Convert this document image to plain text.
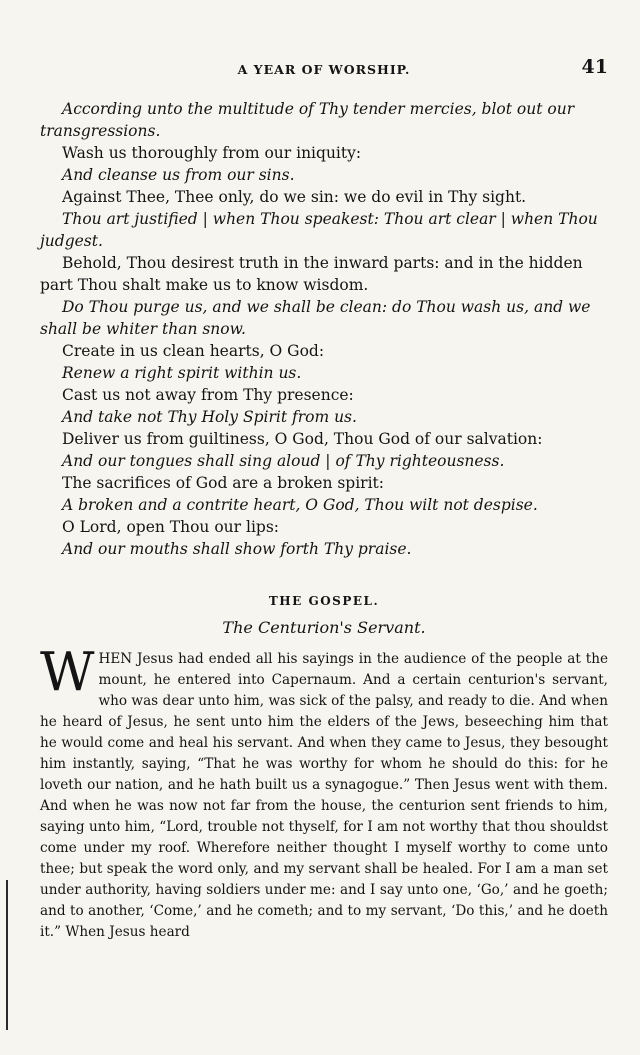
A YEAR OF WORSHIP.	41
According unto the multitude of Thy tender mercies, blot out our transgressions.
Wash us thoroughly from our iniquity:
And cleanse us from our sins.
Against Thee, Thee only, do we sin: we do evil in Thy sight.
Thou art justified | when Thou speakest: Thou art clear | when Thou judgest.
Behold, Thou desirest truth in the inward parts: and in the hidden part Thou shalt make us to know wisdom.
Do Thou purge us, and we shall be clean: do Thou wash us, and we shall be whiter than snow.
Create in us clean hearts, O God:
Renew a right spirit within us.
Cast us not away from Thy presence:
And take not Thy Holy Spirit from us.
Deliver us from guiltiness, O God, Thou God of our salvation:
And our tongues shall sing aloud | of Thy righteousness.
The sacrifices of God are a broken spirit:
A broken and a contrite heart, O God, Thou wilt not despise.
O Lord, open Thou our lips:
And our mouths shall show forth Thy praise.
THE GOSPEL.
The Centurion's Servant.
W HEN Jesus had ended all his sayings in the audience of the people at the mount, he entered into Capernaum. And a certain centurion's servant, who was dear unto him, was sick of the palsy, and ready to die. And when he heard of Jesus, he sent unto him the elders of the Jews, beseeching him that he would come and heal his servant. And when they came to Jesus, they besought him instantly, saying, “That he was worthy for whom he should do this: for he loveth our nation, and he hath built us a synagogue.” Then Jesus went with them. And when he was now not far from the house, the centurion sent friends to him, saying unto him, “Lord, trouble not thyself, for I am not worthy that thou shouldst come under my roof. Wherefore neither thought I myself worthy to come unto thee; but speak the word only, and my servant shall be healed. For I am a man set under authority, having soldiers under me: and I say unto one, ‘Go,’ and he goeth; and to another, ‘Come,’ and he cometh; and to my servant, ‘Do this,’ and he doeth it.” When Jesus heard
